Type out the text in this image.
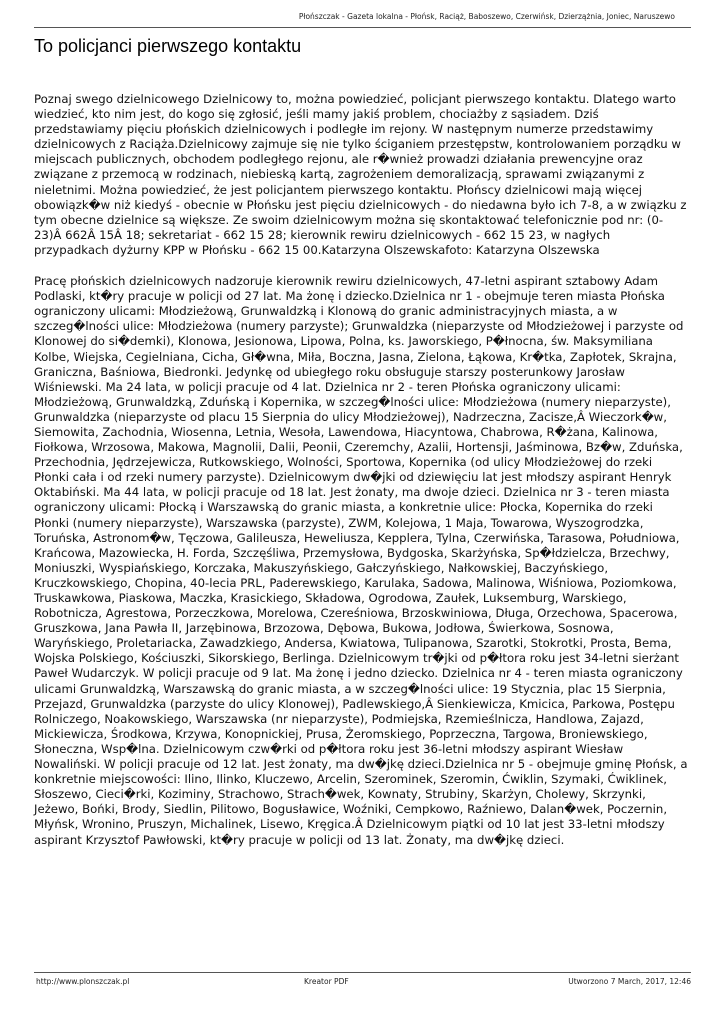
Płońszczak - Gazeta lokalna - Płońsk, Raciąż, Baboszewo, Czerwińsk, Dzierzążnia, Joniec, Naruszewo
To policjanci pierwszego kontaktu

Poznaj swego dzielnicowego Dzielnicowy to, można powiedzieć, policjant pierwszego kontaktu. Dlatego warto wiedzieć, kto nim jest, do kogo się zgłosić, jeśli mamy jakiś problem, chociażby z sąsiadem. Dziś przedstawiamy pięciu płońskich dzielnicowych i podległe im rejony. W następnym numerze przedstawimy dzielnicowych z Raciąża.Dzielnicowy zajmuje się nie tylko ściganiem przestępstw, kontrolowaniem porządku w miejscach publicznych, obchodem podległego rejonu, ale r�wnież prowadzi działania prewencyjne oraz związane z przemocą w rodzinach, niebieską kartą, zagrożeniem demoralizacją, sprawami związanymi z nieletnimi. Można powiedzieć, że jest policjantem pierwszego kontaktu. Płońscy dzielnicowi mają więcej obowiązk�w niż kiedyś - obecnie w Płońsku jest pięciu dzielnicowych - do niedawna było ich 7-8, a w związku z tym obecne dzielnice są większe. Ze swoim dzielnicowym można się skontaktować telefonicznie pod nr: (0-23)Â 662Â 15Â 18; sekretariat - 662 15 28; kierownik rewiru dzielnicowych - 662 15 23, w nagłych przypadkach dyżurny KPP w Płońsku - 662 15 00.Katarzyna Olszewskafoto: Katarzyna Olszewska

Pracę płońskich dzielnicowych nadzoruje kierownik rewiru dzielnicowych, 47-letni aspirant sztabowy Adam Podlaski, kt�ry pracuje w policji od 27 lat. Ma żonę i dziecko.Dzielnica nr 1 - obejmuje teren miasta Płońska ograniczony ulicami: Młodzieżową, Grunwaldzką i Klonową do granic administracyjnych miasta, a w szczeg�lności ulice: Młodzieżowa (numery parzyste); Grunwaldzka (nieparzyste od Młodzieżowej i parzyste od Klonowej do si�demki), Klonowa, Jesionowa, Lipowa, Polna, ks. Jaworskiego, P�łnocna, św. Maksymiliana Kolbe, Wiejska, Cegielniana, Cicha, Gł�wna, Miła, Boczna, Jasna, Zielona, Łąkowa, Kr�tka, Zapłotek, Skrajna, Graniczna, Baśniowa, Biedronki. Jedynkę od ubiegłego roku obsługuje starszy posterunkowy Jarosław Wiśniewski. Ma 24 lata, w policji pracuje od 4 lat. Dzielnica nr 2 - teren Płońska ograniczony ulicami: Młodzieżową, Grunwaldzką, Zduńską i Kopernika, w szczeg�lności ulice: Młodzieżowa (numery nieparzyste), Grunwaldzka (nieparzyste od placu 15 Sierpnia do ulicy Młodzieżowej), Nadrzeczna, Zacisze,Â Wieczork�w, Siemowita, Zachodnia, Wiosenna, Letnia, Wesoła, Lawendowa, Hiacyntowa, Chabrowa, R�żana, Kalinowa, Fiołkowa, Wrzosowa, Makowa, Magnolii, Dalii, Peonii, Czeremchy, Azalii, Hortensji, Jaśminowa, Bz�w, Zduńska, Przechodnia, Jędrzejewicza, Rutkowskiego, Wolności, Sportowa, Kopernika (od ulicy Młodzieżowej do rzeki Płonki cała i od rzeki numery parzyste). Dzielnicowym dw�jki od dziewięciu lat jest młodszy aspirant Henryk Oktabiński. Ma 44 lata, w policji pracuje od 18 lat. Jest żonaty, ma dwoje dzieci. Dzielnica nr 3 - teren miasta ograniczony ulicami: Płocką i Warszawską do granic miasta, a konkretnie ulice: Płocka, Kopernika do rzeki Płonki (numery nieparzyste), Warszawska (parzyste), ZWM, Kolejowa, 1 Maja, Towarowa, Wyszogrodzka, Toruńska, Astronom�w, Tęczowa, Galileusza, Heweliusza, Kepplera, Tylna, Czerwińska, Tarasowa, Południowa, Krańcowa, Mazowiecka, H. Forda, Szczęśliwa, Przemysłowa, Bydgoska, Skarżyńska, Sp�łdzielcza, Brzechwy, Moniuszki, Wyspiańskiego, Korczaka, Makuszyńskiego, Gałczyńskiego, Nałkowskiej, Baczyńskiego, Kruczkowskiego, Chopina, 40-lecia PRL, Paderewskiego, Karulaka, Sadowa, Malinowa, Wiśniowa, Poziomkowa, Truskawkowa, Piaskowa, Maczka, Krasickiego, Składowa, Ogrodowa, Zaułek, Luksemburg, Warskiego, Robotnicza, Agrestowa, Porzeczkowa, Morelowa, Czereśniowa, Brzoskwiniowa, Długa, Orzechowa, Spacerowa, Gruszkowa, Jana Pawła II, Jarzębinowa, Brzozowa, Dębowa, Bukowa, Jodłowa, Świerkowa, Sosnowa, Waryńskiego, Proletariacka, Zawadzkiego, Andersa, Kwiatowa, Tulipanowa, Szarotki, Stokrotki, Prosta, Bema, Wojska Polskiego, Kościuszki, Sikorskiego, Berlinga. Dzielnicowym tr�jki od p�łtora roku jest 34-letni sierżant Paweł Wudarczyk. W policji pracuje od 9 lat. Ma żonę i jedno dziecko. Dzielnica nr 4 - teren miasta ograniczony ulicami Grunwaldzką, Warszawską do granic miasta, a w szczeg�lności ulice: 19 Stycznia, plac 15 Sierpnia, Przejazd, Grunwaldzka (parzyste do ulicy Klonowej), Padlewskiego,Â Sienkiewicza, Kmicica, Parkowa, Postępu Rolniczego, Noakowskiego, Warszawska (nr nieparzyste), Podmiejska, Rzemieślnicza, Handlowa, Zajazd, Mickiewicza, Środkowa, Krzywa, Konopnickiej, Prusa, Żeromskiego, Poprzeczna, Targowa, Broniewskiego, Słoneczna, Wsp�lna. Dzielnicowym czw�rki od p�łtora roku jest 36-letni młodszy aspirant Wiesław Nowaliński. W policji pracuje od 12 lat. Jest żonaty, ma dw�jkę dzieci.Dzielnica nr 5 - obejmuje gminę Płońsk, a konkretnie miejscowości: Ilino, Ilinko, Kluczewo, Arcelin, Szerominek, Szeromin, Ćwiklin, Szymaki, Ćwiklinek, Słoszewo, Cieci�rki, Koziminy, Strachowo, Strach�wek, Kownaty, Strubiny, Skarżyn, Cholewy, Skrzynki, Jeżewo, Bońki, Brody, Siedlin, Pilitowo, Bogusławice, Woźniki, Cempkowo, Raźniewo, Dalan�wek, Poczernin, Młyńsk, Wronino, Pruszyn, Michalinek, Lisewo, Kręgica.Â Dzielnicowym piątki od 10 lat jest 33-letni młodszy aspirant Krzysztof Pawłowski, kt�ry pracuje w policji od 13 lat. Żonaty, ma dw�jkę dzieci.

http://www.plonszczak.pl	Kreator PDF	Utworzono 7 March, 2017, 12:46
